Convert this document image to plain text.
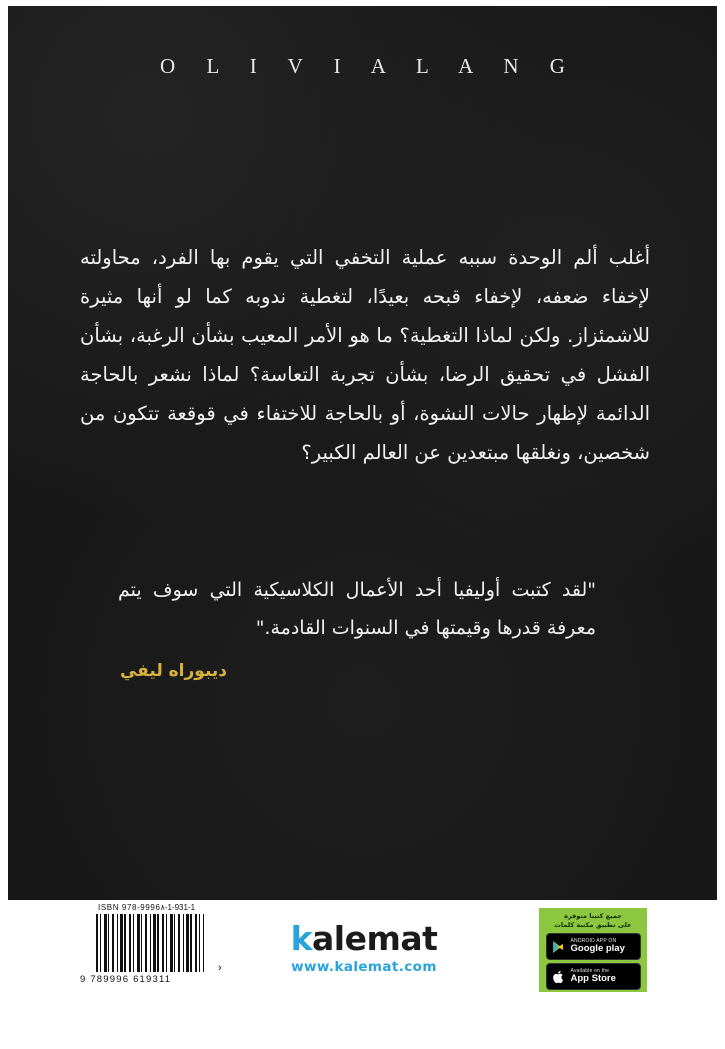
O L I V I A L A N G
أغلب ألم الوحدة سببه عملية التخفي التي يقوم بها الفرد، محاولته لإخفاء ضعفه، لإخفاء قبحه بعيدًا، لتغطية ندوبه كما لو أنها مثيرة للاشمئزاز. ولكن لماذا التغطية؟ ما هو الأمر المعيب بشأن الرغبة، بشأن الفشل في تحقيق الرضا، بشأن تجربة التعاسة؟ لماذا نشعر بالحاجة الدائمة لإظهار حالات النشوة، أو بالحاجة للاختفاء في قوقعة تتكون من شخصين، ونغلقها مبتعدين عن العالم الكبير؟
"لقد كتبت أوليفيا أحد الأعمال الكلاسيكية التي سوف يتم معرفة قدرها وقيمتها في السنوات القادمة."
ديبوراه ليفي
ISBN 978-9996٨-1-931-1
9 789996 619311
›
kalemat
www.kalemat.com
جميع كتبنا متوفرة
على تطبيق مكتبة كلمات
ANDROID APP ON
Google play
Available on the
App Store
